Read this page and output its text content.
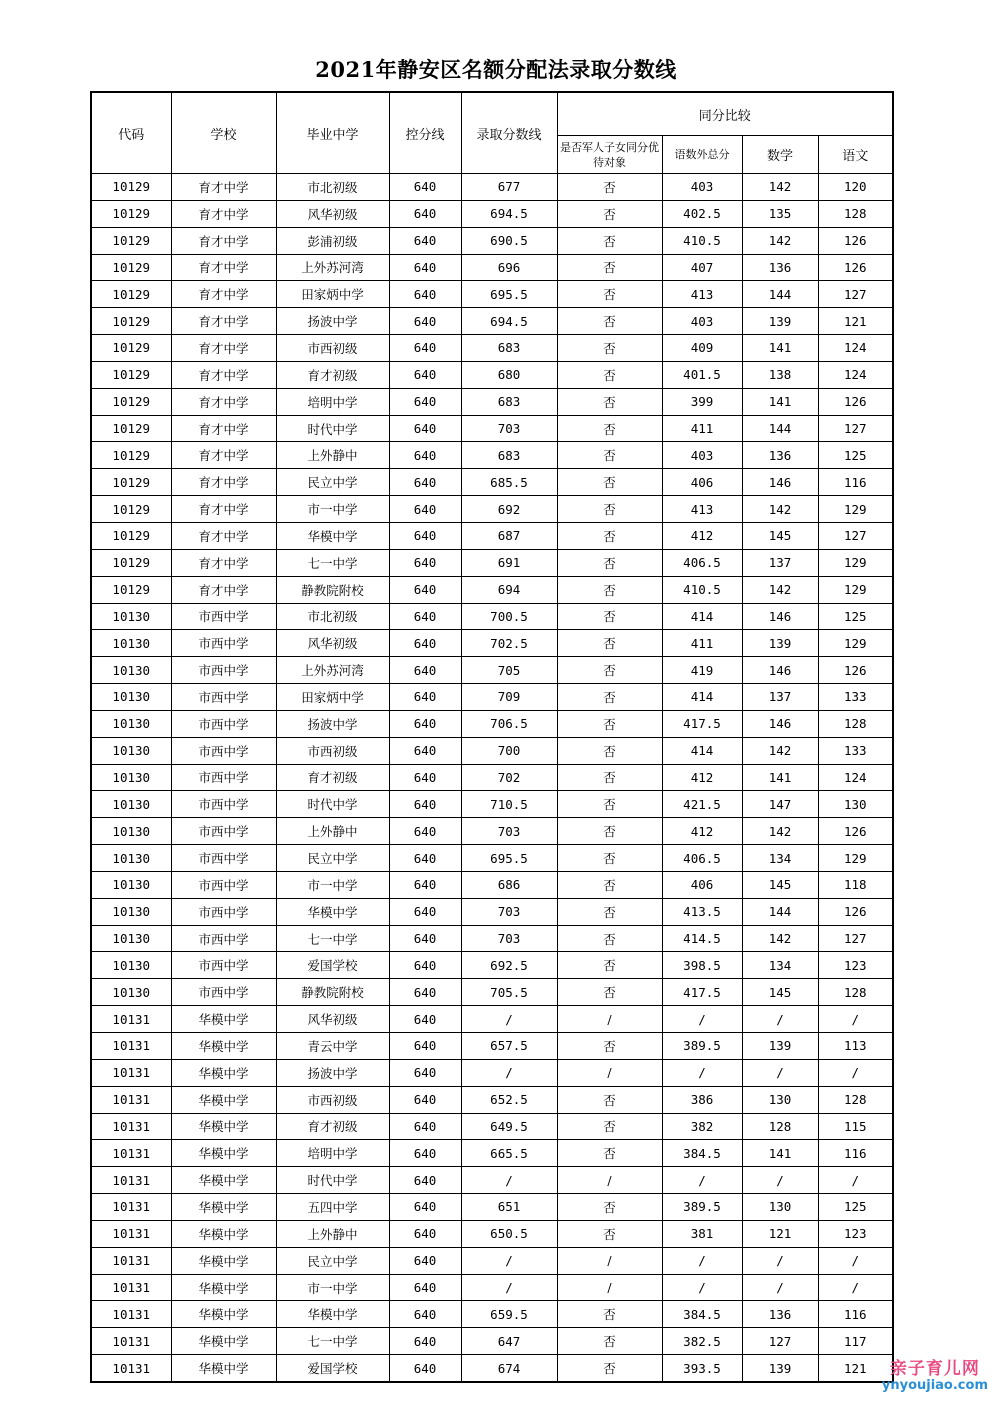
2021年静安区名额分配法录取分数线
代码	学校	毕业中学	控分线	录取分数线	同分比较			
					是否军人子女同分优待对象	语数外总分	数学	语文
10129	育才中学	市北初级	640	677	否	403	142	120
10129	育才中学	风华初级	640	694.5	否	402.5	135	128
10129	育才中学	彭浦初级	640	690.5	否	410.5	142	126
10129	育才中学	上外苏河湾	640	696	否	407	136	126
10129	育才中学	田家炳中学	640	695.5	否	413	144	127
10129	育才中学	扬波中学	640	694.5	否	403	139	121
10129	育才中学	市西初级	640	683	否	409	141	124
10129	育才中学	育才初级	640	680	否	401.5	138	124
10129	育才中学	培明中学	640	683	否	399	141	126
10129	育才中学	时代中学	640	703	否	411	144	127
10129	育才中学	上外静中	640	683	否	403	136	125
10129	育才中学	民立中学	640	685.5	否	406	146	116
10129	育才中学	市一中学	640	692	否	413	142	129
10129	育才中学	华模中学	640	687	否	412	145	127
10129	育才中学	七一中学	640	691	否	406.5	137	129
10129	育才中学	静教院附校	640	694	否	410.5	142	129
10130	市西中学	市北初级	640	700.5	否	414	146	125
10130	市西中学	风华初级	640	702.5	否	411	139	129
10130	市西中学	上外苏河湾	640	705	否	419	146	126
10130	市西中学	田家炳中学	640	709	否	414	137	133
10130	市西中学	扬波中学	640	706.5	否	417.5	146	128
10130	市西中学	市西初级	640	700	否	414	142	133
10130	市西中学	育才初级	640	702	否	412	141	124
10130	市西中学	时代中学	640	710.5	否	421.5	147	130
10130	市西中学	上外静中	640	703	否	412	142	126
10130	市西中学	民立中学	640	695.5	否	406.5	134	129
10130	市西中学	市一中学	640	686	否	406	145	118
10130	市西中学	华模中学	640	703	否	413.5	144	126
10130	市西中学	七一中学	640	703	否	414.5	142	127
10130	市西中学	爱国学校	640	692.5	否	398.5	134	123
10130	市西中学	静教院附校	640	705.5	否	417.5	145	128
10131	华模中学	风华初级	640	/	/	/	/	/
10131	华模中学	青云中学	640	657.5	否	389.5	139	113
10131	华模中学	扬波中学	640	/	/	/	/	/
10131	华模中学	市西初级	640	652.5	否	386	130	128
10131	华模中学	育才初级	640	649.5	否	382	128	115
10131	华模中学	培明中学	640	665.5	否	384.5	141	116
10131	华模中学	时代中学	640	/	/	/	/	/
10131	华模中学	五四中学	640	651	否	389.5	130	125
10131	华模中学	上外静中	640	650.5	否	381	121	123
10131	华模中学	民立中学	640	/	/	/	/	/
10131	华模中学	市一中学	640	/	/	/	/	/
10131	华模中学	华模中学	640	659.5	否	384.5	136	116
10131	华模中学	七一中学	640	647	否	382.5	127	117
10131	华模中学	爱国学校	640	674	否	393.5	139	121	亲子育儿网
ynyoujiao.com
